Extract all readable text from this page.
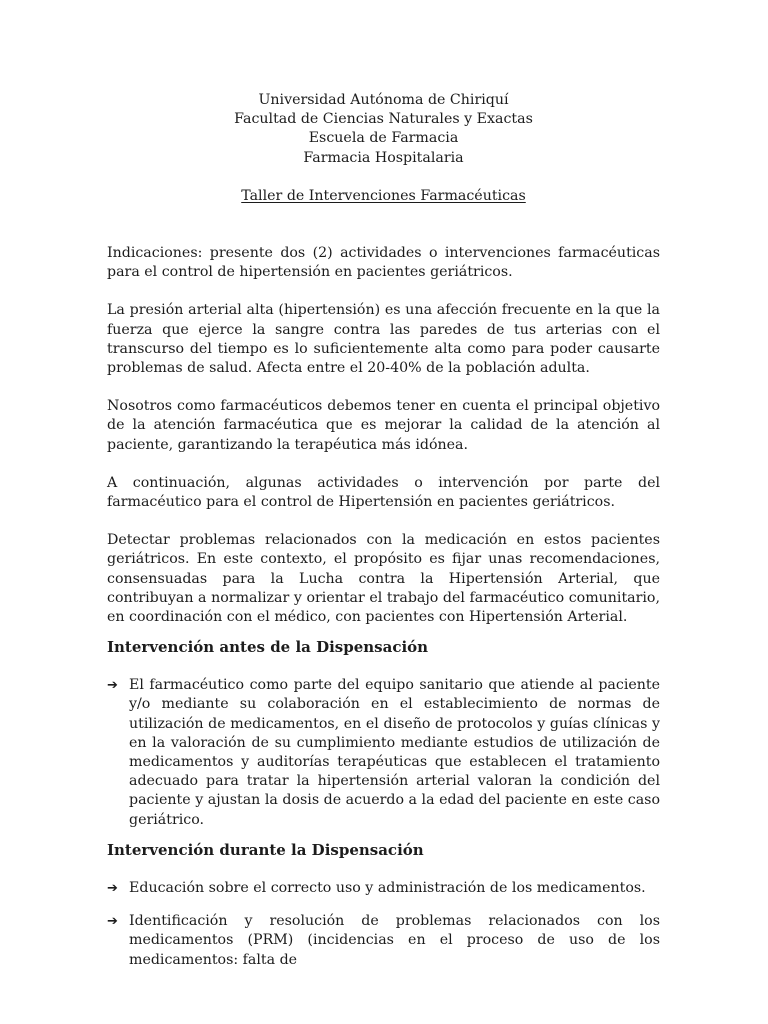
Universidad Autónoma de Chiriquí
Facultad de Ciencias Naturales y Exactas
Escuela de Farmacia
Farmacia Hospitalaria
Taller de Intervenciones Farmacéuticas

Indicaciones: presente dos (2) actividades o intervenciones farmacéuticas para el control de hipertensión en pacientes geriátricos.

La presión arterial alta (hipertensión) es una afección frecuente en la que la fuerza que ejerce la sangre contra las paredes de tus arterias con el transcurso del tiempo es lo suficientemente alta como para poder causarte problemas de salud. Afecta entre el 20-40% de la población adulta.

Nosotros como farmacéuticos debemos tener en cuenta el principal objetivo de la atención farmacéutica que es mejorar la calidad de la atención al paciente, garantizando la terapéutica más idónea.

A continuación, algunas actividades o intervención por parte del farmacéutico para el control de Hipertensión en pacientes geriátricos.

Detectar problemas relacionados con la medicación en estos pacientes geriátricos. En este contexto, el propósito es fijar unas recomendaciones, consensuadas para la Lucha contra la Hipertensión Arterial, que contribuyan a normalizar y orientar el trabajo del farmacéutico comunitario, en coordinación con el médico, con pacientes con Hipertensión Arterial.

Intervención antes de la Dispensación
➔ El farmacéutico como parte del equipo sanitario que atiende al paciente y/o mediante su colaboración en el establecimiento de normas de utilización de medicamentos, en el diseño de protocolos y guías clínicas y en la valoración de su cumplimiento mediante estudios de utilización de medicamentos y auditorías terapéuticas que establecen el tratamiento adecuado para tratar la hipertensión arterial valoran la condición del paciente y ajustan la dosis de acuerdo a la edad del paciente en este caso geriátrico.
Intervención durante la Dispensación
➔ Educación sobre el correcto uso y administración de los medicamentos.
➔ Identificación y resolución de problemas relacionados con los medicamentos (PRM) (incidencias en el proceso de uso de los medicamentos: falta de
